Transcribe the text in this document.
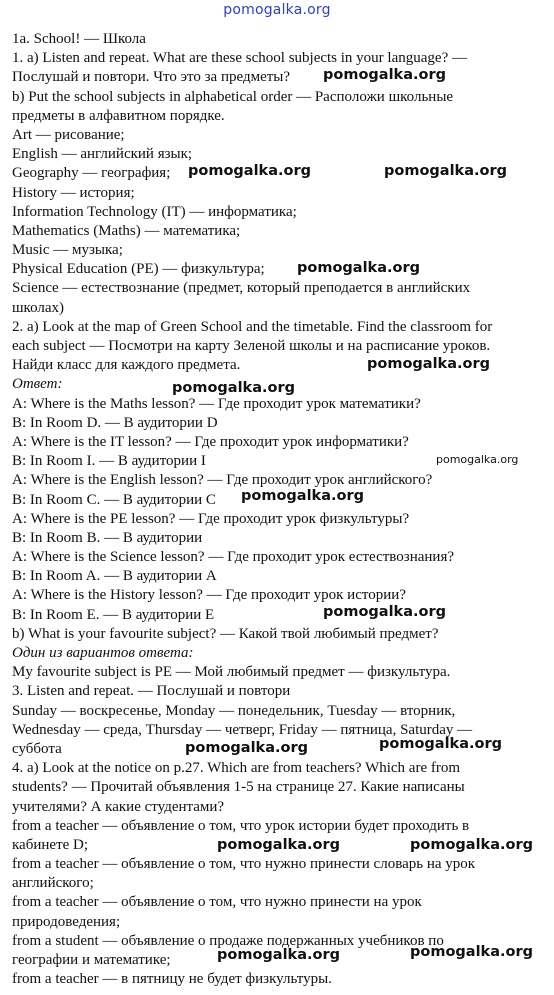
pomogalka.org
1a. School! — Школа
1. a) Listen and repeat. What are these school subjects in your language? —
Послушай и повтори. Что это за предметы?
b) Put the school subjects in alphabetical order — Расположи школьные
предметы в алфавитном порядке.
Art — рисование;
English — английский язык;
Geography — география;
History — история;
Information Technology (IT) — информатика;
Mathematics (Maths) — математика;
Music — музыка;
Physical Education (PE) — физкультура;
Science — естествознание (предмет, который преподается в английских
школах)
2. a) Look at the map of Green School and the timetable. Find the classroom for
each subject — Посмотри на карту Зеленой школы и на расписание уроков.
Найди класс для каждого предмета.
Ответ:
A: Where is the Maths lesson? — Где проходит урок математики?
B: In Room D. — В аудитории D
A: Where is the IT lesson? — Где проходит урок информатики?
B: In Room I. — В аудитории I
A: Where is the English lesson? — Где проходит урок английского?
B: In Room C. — В аудитории C
A: Where is the PE lesson? — Где проходит урок физкультуры?
B: In Room B. — В аудитории
A: Where is the Science lesson? — Где проходит урок естествознания?
B: In Room A. — В аудитории A
A: Where is the History lesson? — Где проходит урок истории?
B: In Room E. — В аудитории E
b) What is your favourite subject? — Какой твой любимый предмет?
Один из вариантов ответа:
My favourite subject is PE — Мой любимый предмет — физкультура.
3. Listen and repeat. — Послушай и повтори
Sunday — воскресенье, Monday — понедельник, Tuesday — вторник,
Wednesday — среда, Thursday — четверг, Friday — пятница, Saturday —
суббота
4. a) Look at the notice on p.27. Which are from teachers? Which are from
students? — Прочитай объявления 1-5 на странице 27. Какие написаны
учителями? А какие студентами?
from a teacher — объявление о том, что урок истории будет проходить в
кабинете D;
from a teacher — объявление о том, что нужно принести словарь на урок
английского;
from a teacher — объявление о том, что нужно принести на урок
природоведения;
from a student — объявление о продаже подержанных учебников по
географии и математике;
from a teacher — в пятницу не будет физкультуры.
pomogalka.org
pomogalka.org	pomogalka.org
pomogalka.org
pomogalka.org
pomogalka.org
pomogalka.org
pomogalka.org
pomogalka.org
pomogalka.org	pomogalka.org
pomogalka.org	pomogalka.org
pomogalka.org	pomogalka.org
